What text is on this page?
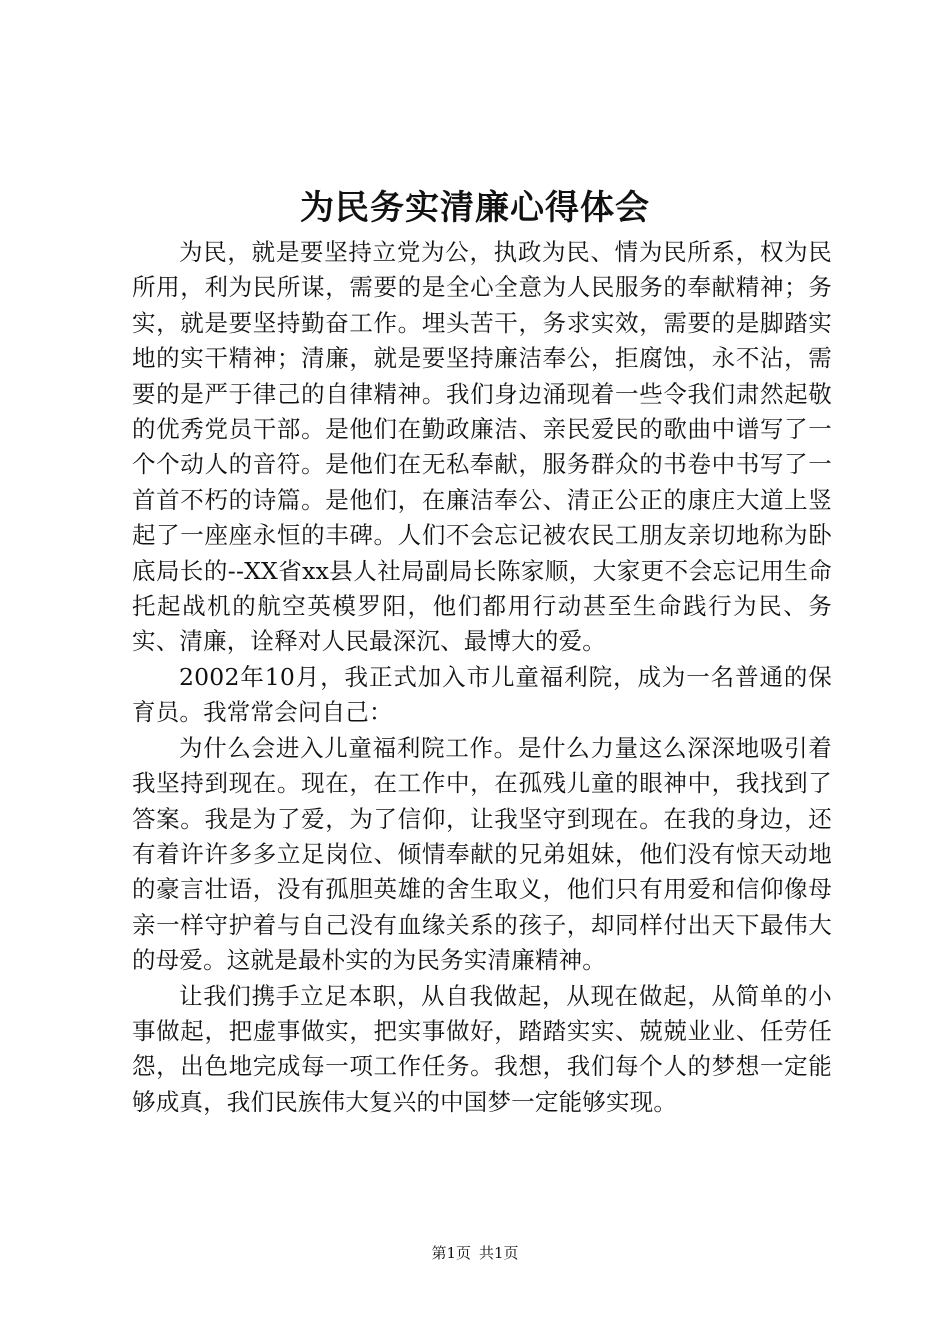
为民务实清廉心得体会

为民，就是要坚持立党为公，执政为民、情为民所系，权为民所用，利为民所谋，需要的是全心全意为人民服务的奉献精神；务实，就是要坚持勤奋工作。埋头苦干，务求实效，需要的是脚踏实地的实干精神；清廉，就是要坚持廉洁奉公，拒腐蚀，永不沾，需要的是严于律己的自律精神。我们身边涌现着一些令我们肃然起敬的优秀党员干部。是他们在勤政廉洁、亲民爱民的歌曲中谱写了一个个动人的音符。是他们在无私奉献，服务群众的书卷中书写了一首首不朽的诗篇。是他们，在廉洁奉公、清正公正的康庄大道上竖起了一座座永恒的丰碑。人们不会忘记被农民工朋友亲切地称为卧底局长的--XX省xx县人社局副局长陈家顺，大家更不会忘记用生命托起战机的航空英模罗阳，他们都用行动甚至生命践行为民、务实、清廉，诠释对人民最深沉、最博大的爱。

2002年10月，我正式加入市儿童福利院，成为一名普通的保育员。我常常会问自己：

为什么会进入儿童福利院工作。是什么力量这么深深地吸引着我坚持到现在。现在，在工作中，在孤残儿童的眼神中，我找到了答案。我是为了爱，为了信仰，让我坚守到现在。在我的身边，还有着许许多多立足岗位、倾情奉献的兄弟姐妹，他们没有惊天动地的豪言壮语，没有孤胆英雄的舍生取义，他们只有用爱和信仰像母亲一样守护着与自己没有血缘关系的孩子，却同样付出天下最伟大的母爱。这就是最朴实的为民务实清廉精神。

让我们携手立足本职，从自我做起，从现在做起，从简单的小事做起，把虚事做实，把实事做好，踏踏实实、兢兢业业、任劳任怨，出色地完成每一项工作任务。我想，我们每个人的梦想一定能够成真，我们民族伟大复兴的中国梦一定能够实现。

第1页 共1页
